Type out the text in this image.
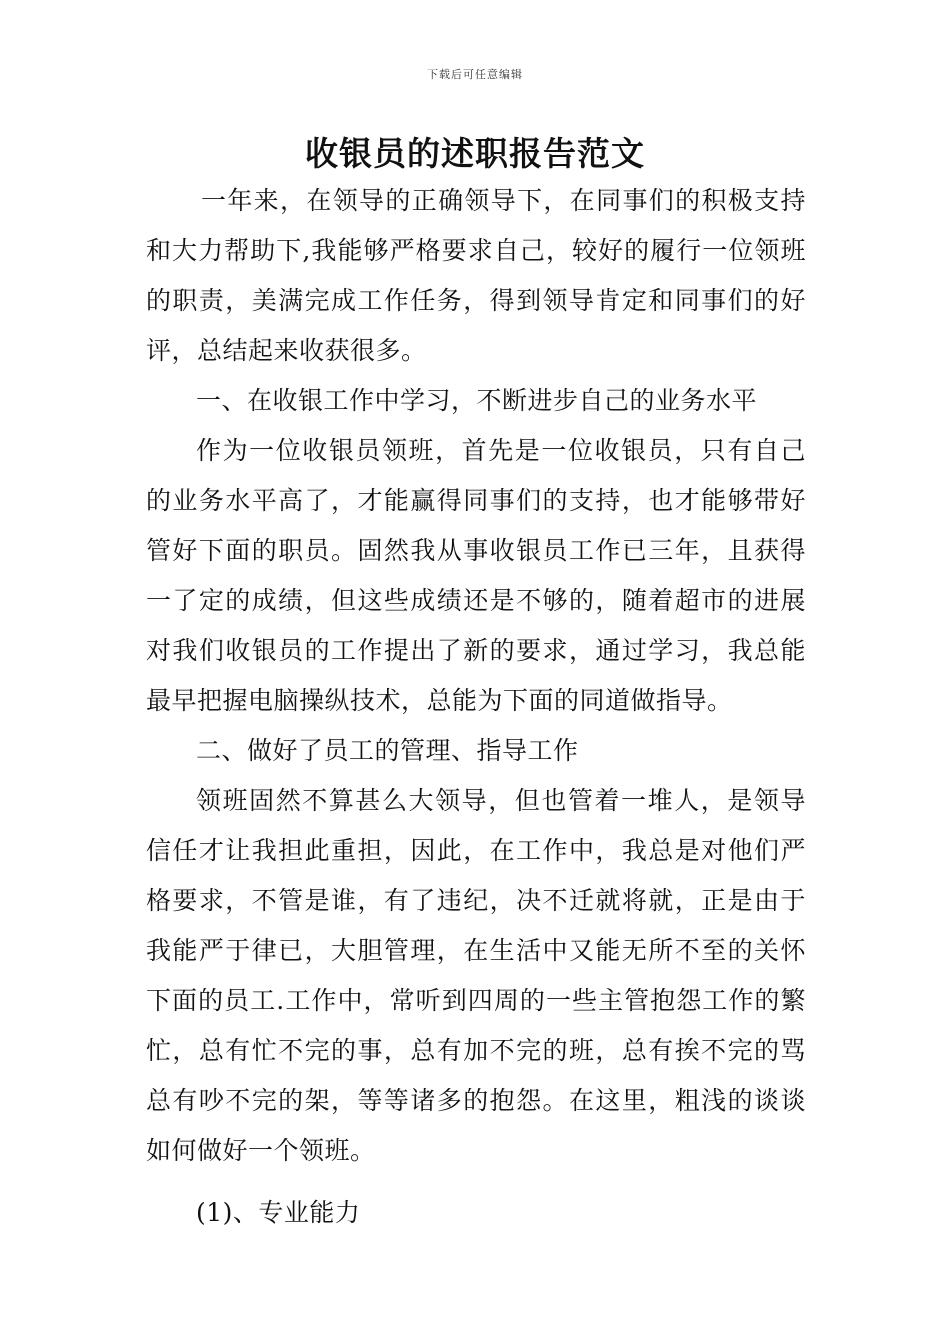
下载后可任意编辑
收银员的述职报告范文

一年来，在领导的正确领导下，在同事们的积极支持和大力帮助下,我能够严格要求自己，较好的履行一位领班的职责，美满完成工作任务，得到领导肯定和同事们的好评，总结起来收获很多。

一、在收银工作中学习，不断进步自己的业务水平

作为一位收银员领班，首先是一位收银员，只有自己的业务水平高了，才能赢得同事们的支持，也才能够带好管好下面的职员。固然我从事收银员工作已三年，且获得一了定的成绩，但这些成绩还是不够的，随着超市的进展对我们收银员的工作提出了新的要求，通过学习，我总能最早把握电脑操纵技术，总能为下面的同道做指导。

二、做好了员工的管理、指导工作

领班固然不算甚么大领导，但也管着一堆人，是领导信任才让我担此重担，因此，在工作中，我总是对他们严格要求，不管是谁，有了违纪，决不迁就将就，正是由于我能严于律已，大胆管理，在生活中又能无所不至的关怀下面的员工.工作中，常听到四周的一些主管抱怨工作的繁忙，总有忙不完的事，总有加不完的班，总有挨不完的骂总有吵不完的架，等等诸多的抱怨。在这里，粗浅的谈谈如何做好一个领班。

(1)、专业能力
